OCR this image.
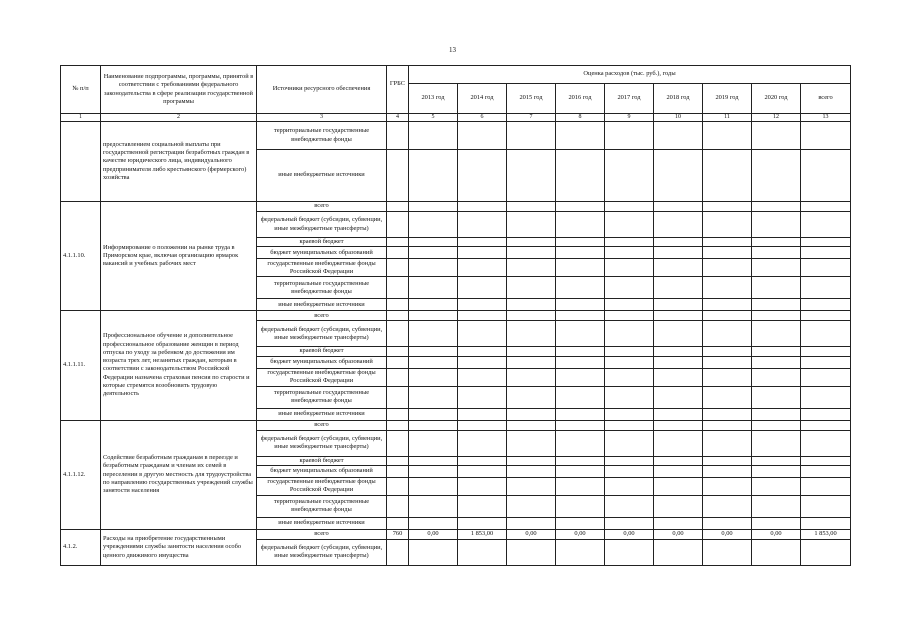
13
№ п/п	Наименование подпрограммы, программы, принятой в соответствии с требованиями федерального законодательства в сфере реализации государственной программы	Источники ресурсного обеспечения	ГРБС	Оценка расходов (тыс. руб.), годы								
				2013 год	2014 год	2015 год	2016 год	2017 год	2018 год	2019 год	2020 год	всего
1	2	3	4	5	6	7	8	9	10	11	12	13
	предоставлением социальной выплаты при государственной регистрации безработных граждан в качестве юридического лица, индивидуального предпринимателя либо крестьянского (фермерского) хозяйства	территориальные государственные внебюджетные фонды										
		иные внебюджетные источники										
4.1.1.10.	Информирование о положении на рынке труда в Приморском крае, включая организацию ярмарок вакансий и учебных рабочих мест	всего										
		федеральный бюджет (субсидии, субвенции, иные межбюджетные трансферты)										
		краевой бюджет										
		бюджет муниципальных образований										
		государственные внебюджетные фонды Российской Федерации										
		территориальные государственные внебюджетные фонды										
		иные внебюджетные источники										
4.1.1.11.	Профессиональное обучение и дополнительное профессиональное образование женщин в период отпуска по уходу за ребенком до достижения им возраста трех лет, незанятых граждан, которым в соответствии с законодательством Российской Федерации назначена страховая пенсия по старости и которые стремятся возобновить трудовую деятельность	всего										
		федеральный бюджет (субсидии, субвенции, иные межбюджетные трансферты)										
		краевой бюджет										
		бюджет муниципальных образований										
		государственные внебюджетные фонды Российской Федерации										
		территориальные государственные внебюджетные фонды										
		иные внебюджетные источники										
4.1.1.12.	Содействие безработным гражданам в переезде и безработным гражданам и членам их семей в переселении в другую местность для трудоустройства по направлению государственных учреждений службы занятости населения	всего										
		федеральный бюджет (субсидии, субвенции, иные межбюджетные трансферты)										
		краевой бюджет										
		бюджет муниципальных образований										
		государственные внебюджетные фонды Российской Федерации										
		территориальные государственные внебюджетные фонды										
		иные внебюджетные источники										
4.1.2.	Расходы на приобретение государственными учреждениями службы занятости населения особо ценного движимого имущества	всего	760	0,00	1 853,00	0,00	0,00	0,00	0,00	0,00	0,00	1 853,00
		федеральный бюджет (субсидии, субвенции, иные межбюджетные трансферты)										
